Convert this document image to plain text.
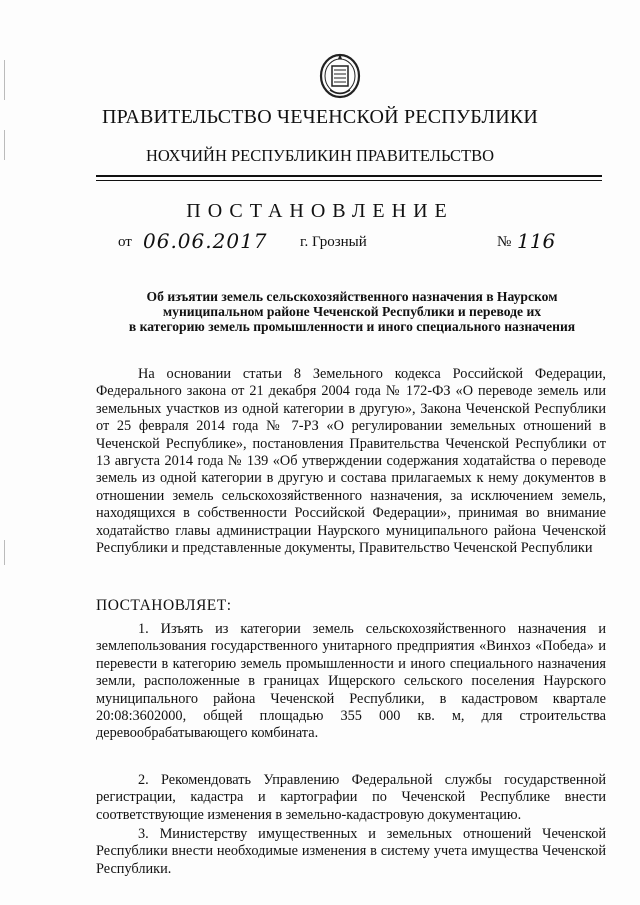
ПРАВИТЕЛЬСТВО ЧЕЧЕНСКОЙ РЕСПУБЛИКИ
НОХЧИЙН РЕСПУБЛИКИН ПРАВИТЕЛЬСТВО
ПОСТАНОВЛЕНИЕ
от 06.06.2017 г. Грозный	№ 116
Об изъятии земель сельскохозяйственного назначения в Наурском
муниципальном районе Чеченской Республики и переводе их
в категорию земель промышленности и иного специального назначения
На основании статьи 8 Земельного кодекса Российской Федерации, Федерального закона от 21 декабря 2004 года № 172-ФЗ «О переводе земель или земельных участков из одной категории в другую», Закона Чеченской Республики от 25 февраля 2014 года № 7-РЗ «О регулировании земельных отношений в Чеченской Республике», постановления Правительства Чеченской Республики от 13 августа 2014 года № 139 «Об утверждении содержания ходатайства о переводе земель из одной категории в другую и состава прилагаемых к нему документов в отношении земель сельскохозяйственного назначения, за исключением земель, находящихся в собственности Российской Федерации», принимая во внимание ходатайство главы администрации Наурского муниципального района Чеченской Республики и представленные документы, Правительство Чеченской Республики
ПОСТАНОВЛЯЕТ:
1. Изъять из категории земель сельскохозяйственного назначения и землепользования государственного унитарного предприятия «Винхоз «Победа» и перевести в категорию земель промышленности и иного специального назначения земли, расположенные в границах Ищерского сельского поселения Наурского муниципального района Чеченской Республики, в кадастровом квартале 20:08:3602000, общей площадью 355 000 кв. м, для строительства деревообрабатывающего комбината.
2. Рекомендовать Управлению Федеральной службы государственной регистрации, кадастра и картографии по Чеченской Республике внести соответствующие изменения в земельно-кадастровую документацию.
3. Министерству имущественных и земельных отношений Чеченской Республики внести необходимые изменения в систему учета имущества Чеченской Республики.
